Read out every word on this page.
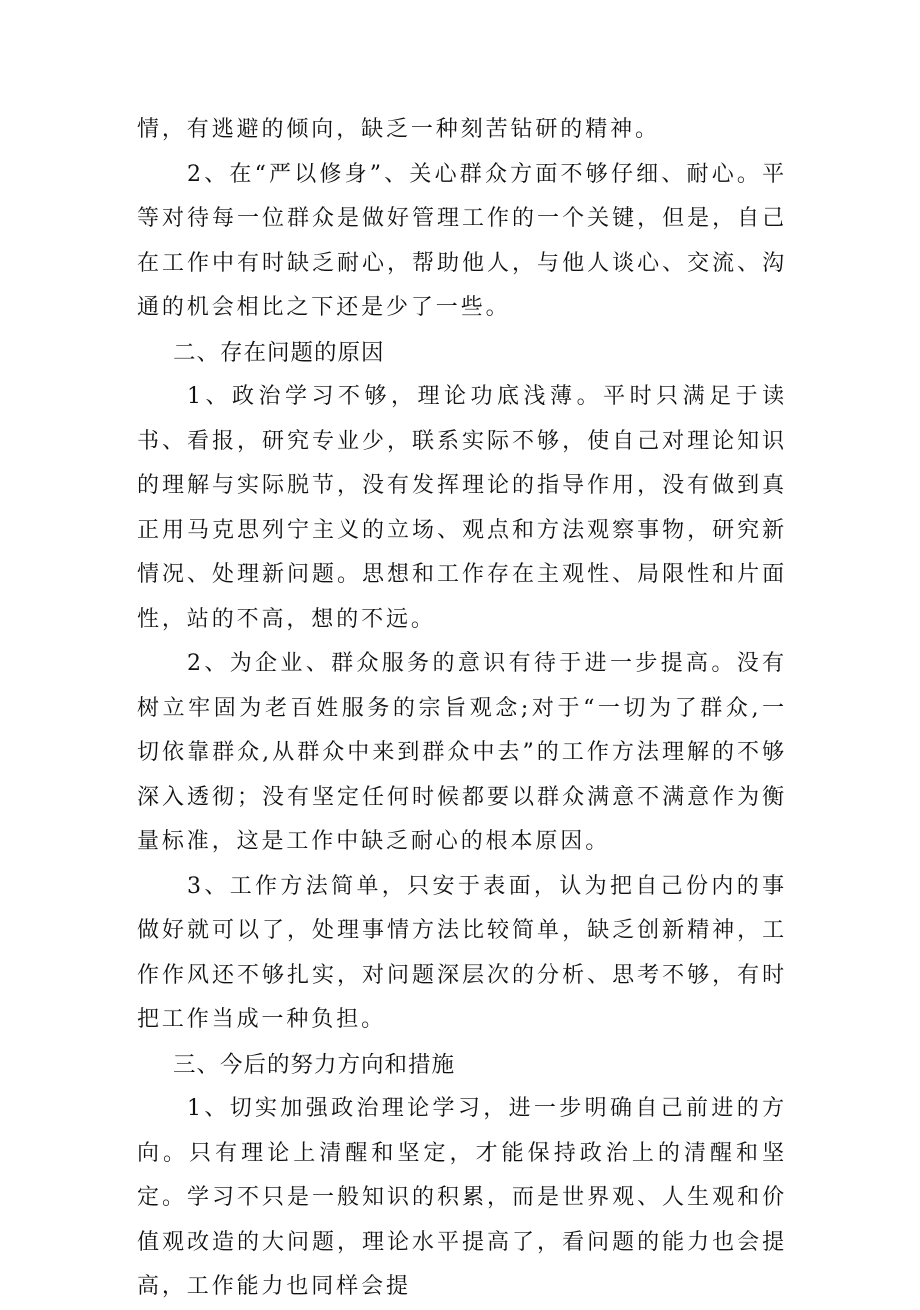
情，有逃避的倾向，缺乏一种刻苦钻研的精神。

2、在“严以修身”、关心群众方面不够仔细、耐心。平等对待每一位群众是做好管理工作的一个关键，但是，自己在工作中有时缺乏耐心，帮助他人，与他人谈心、交流、沟通的机会相比之下还是少了一些。

二、存在问题的原因

1、政治学习不够，理论功底浅薄。平时只满足于读书、看报，研究专业少，联系实际不够，使自己对理论知识的理解与实际脱节，没有发挥理论的指导作用，没有做到真正用马克思列宁主义的立场、观点和方法观察事物，研究新情况、处理新问题。思想和工作存在主观性、局限性和片面性，站的不高，想的不远。

2、为企业、群众服务的意识有待于进一步提高。没有树立牢固为老百姓服务的宗旨观念;对于“一切为了群众,一切依靠群众,从群众中来到群众中去”的工作方法理解的不够深入透彻；没有坚定任何时候都要以群众满意不满意作为衡量标准，这是工作中缺乏耐心的根本原因。

3、工作方法简单，只安于表面，认为把自己份内的事做好就可以了，处理事情方法比较简单，缺乏创新精神，工作作风还不够扎实，对问题深层次的分析、思考不够，有时把工作当成一种负担。

三、今后的努力方向和措施

1、切实加强政治理论学习，进一步明确自己前进的方向。只有理论上清醒和坚定，才能保持政治上的清醒和坚定。学习不只是一般知识的积累，而是世界观、人生观和价值观改造的大问题，理论水平提高了，看问题的能力也会提高，工作能力也同样会提
